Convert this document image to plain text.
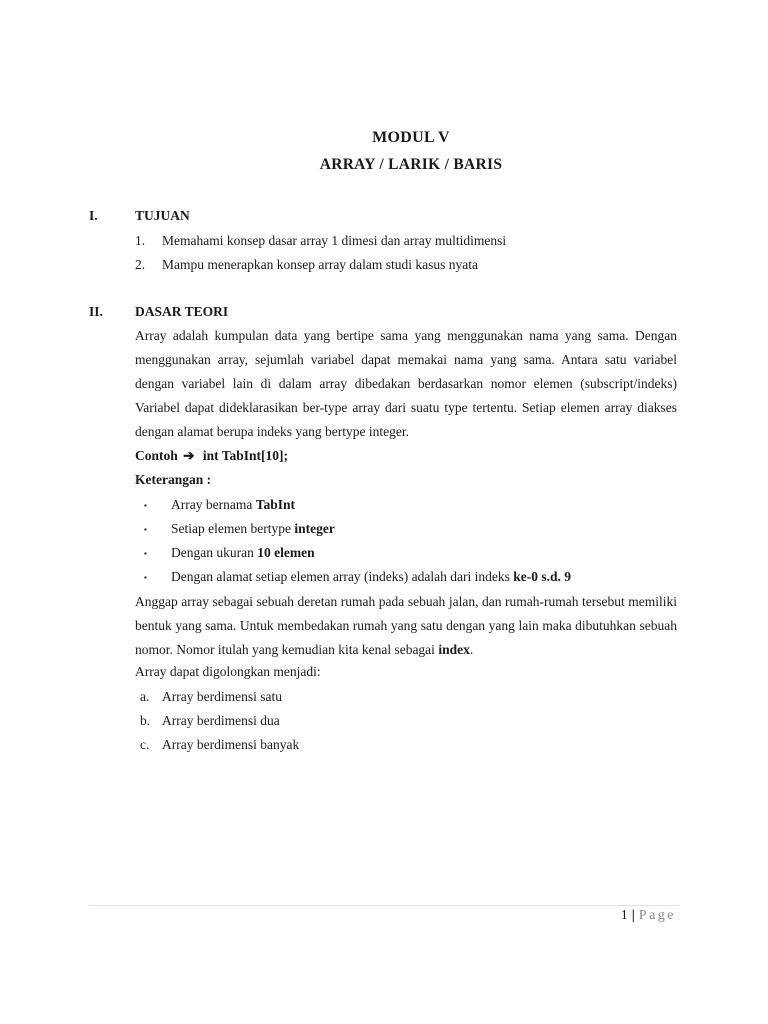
MODUL V
ARRAY / LARIK / BARIS
I.	TUJUAN
1. Memahami konsep dasar array 1 dimesi dan array multidimensi
2. Mampu menerapkan konsep array dalam studi kasus nyata
II. DASAR TEORI

Array adalah kumpulan data yang bertipe sama yang menggunakan nama yang sama. Dengan menggunakan array, sejumlah variabel dapat memakai nama yang sama. Antara satu variabel dengan variabel lain di dalam array dibedakan berdasarkan nomor elemen (subscript/indeks) Variabel dapat dideklarasikan ber-type array dari suatu type tertentu. Setiap elemen array diakses dengan alamat berupa indeks yang bertype integer.

Contoh ➔ int TabInt[10];
Keterangan :
▪ Array bernama TabInt
▪ Setiap elemen bertype integer
▪ Dengan ukuran 10 elemen
▪ Dengan alamat setiap elemen array (indeks) adalah dari indeks ke-0 s.d. 9

Anggap array sebagai sebuah deretan rumah pada sebuah jalan, dan rumah-rumah tersebut memiliki bentuk yang sama. Untuk membedakan rumah yang satu dengan yang lain maka dibutuhkan sebuah nomor. Nomor itulah yang kemudian kita kenal sebagai index.

Array dapat digolongkan menjadi:
a. Array berdimensi satu
b. Array berdimensi dua
c. Array berdimensi banyak
1 | Page
